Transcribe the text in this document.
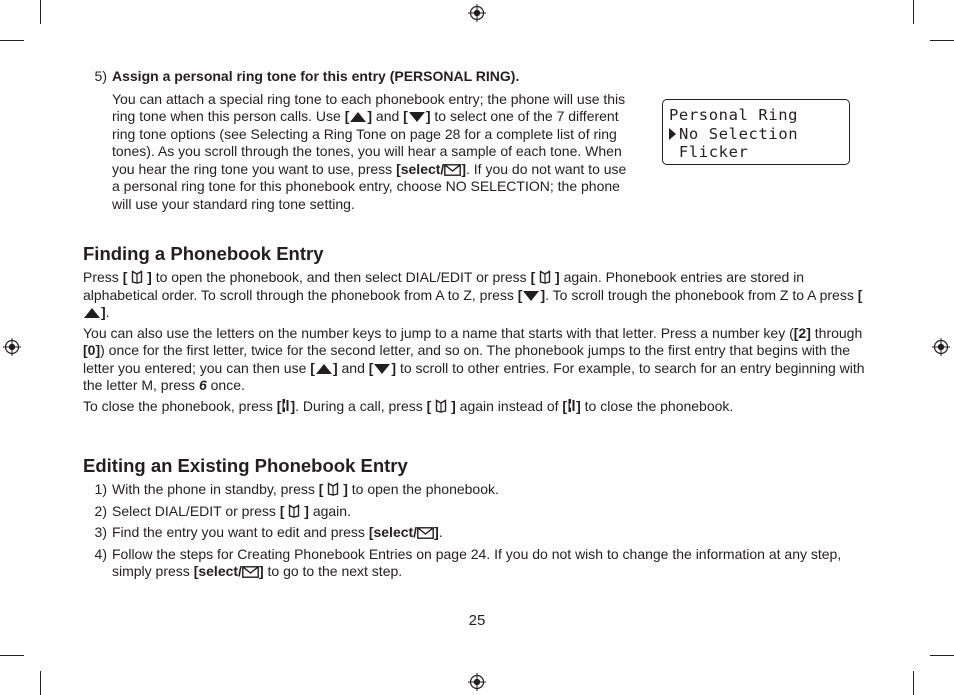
5) Assign a personal ring tone for this entry (PERSONAL RING).

You can attach a special ring tone to each phonebook entry; the phone will use this ring tone when this person calls. Use [ ] and [ ] to select one of the 7 different ring tone options (see Selecting a Ring Tone on page 28 for a complete list of ring tones). As you scroll through the tones, you will hear a sample of each tone. When you hear the ring tone you want to use, press [select/ ]. If you do not want to use a personal ring tone for this phonebook entry, choose NO SELECTION; the phone will use your standard ring tone setting.

Personal Ring
No Selection
Flicker
Finding a Phonebook Entry

Press [  ] to open the phonebook, and then select DIAL/EDIT or press [  ] again. Phonebook entries are stored in alphabetical order. To scroll through the phonebook from A to Z, press [ ]. To scroll trough the phonebook from Z to A press [].

You can also use the letters on the number keys to jump to a name that starts with that letter. Press a number key ([2] through [0]) once for the first letter, twice for the second letter, and so on. The phonebook jumps to the first entry that begins with the letter you entered; you can then use [ ] and [ ] to scroll to other entries. For example, to search for an entry beginning with the letter M, press 6 once.

To close the phonebook, press [ ]. During a call, press [  ] again instead of [ ] to close the phonebook.

Editing an Existing Phonebook Entry
1) With the phone in standby, press [  ] to open the phonebook.
2) Select DIAL/EDIT or press [  ] again.
3) Find the entry you want to edit and press [select/ ].
4) Follow the steps for Creating Phonebook Entries on page 24. If you do not wish to change the information at any step, simply press [select/ ] to go to the next step.
25
